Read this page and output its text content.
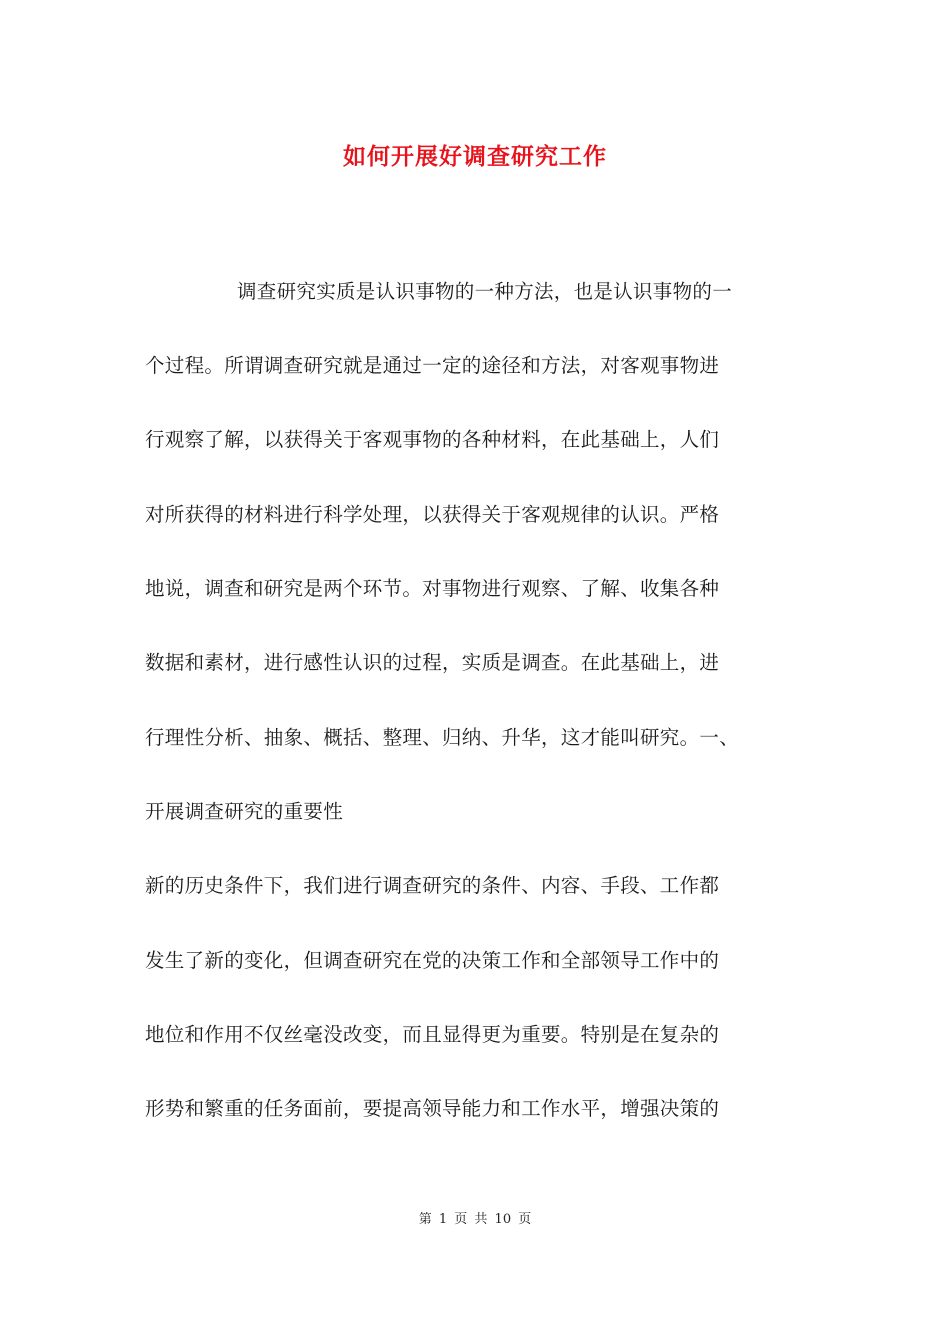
如何开展好调查研究工作

调查研究实质是认识事物的一种方法，也是认识事物的一

个过程。所谓调查研究就是通过一定的途径和方法，对客观事物进

行观察了解，以获得关于客观事物的各种材料，在此基础上，人们

对所获得的材料进行科学处理，以获得关于客观规律的认识。严格

地说，调查和研究是两个环节。对事物进行观察、了解、收集各种

数据和素材，进行感性认识的过程，实质是调查。在此基础上，进

行理性分析、抽象、概括、整理、归纳、升华，这才能叫研究。一、

开展调查研究的重要性

新的历史条件下，我们进行调查研究的条件、内容、手段、工作都

发生了新的变化，但调查研究在党的决策工作和全部领导工作中的

地位和作用不仅丝毫没改变，而且显得更为重要。特别是在复杂的

形势和繁重的任务面前，要提高领导能力和工作水平，增强决策的

第 1 页 共 10 页
